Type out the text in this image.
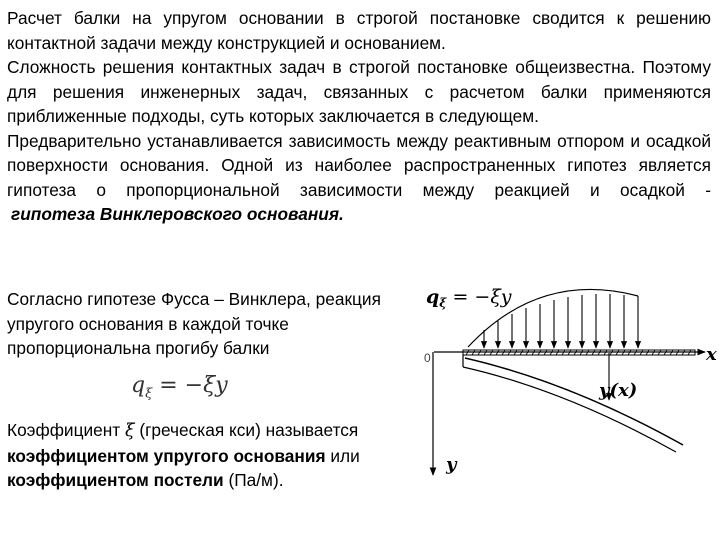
Расчет балки на упругом основании в строгой постановке сводится к решению контактной задачи между конструкцией и основанием.

Сложность решения контактных задач в строгой постановке общеизвестна. Поэтому для решения инженерных задач, связанных с расчетом балки применяются приближенные подходы, суть которых заключается в следующем.

Предварительно устанавливается зависимость между реактивным отпором и осадкой поверхности основания. Одной из наиболее распространенных гипотез является гипотеза о пропорциональной зависимости между реакцией и осадкой -

гипотеза Винклеровского основания.
Согласно гипотезе Фусса – Винклера, реакция упругого основания в каждой точке пропорциональна прогибу балки
$q_\xi = -\xi y$
Коэффициент ξ (греческая кси) называется коэффициентом упругого основания или коэффициентом постели (Па/м).
$q_\xi = -\xi y$
x
0
y
y(x)
